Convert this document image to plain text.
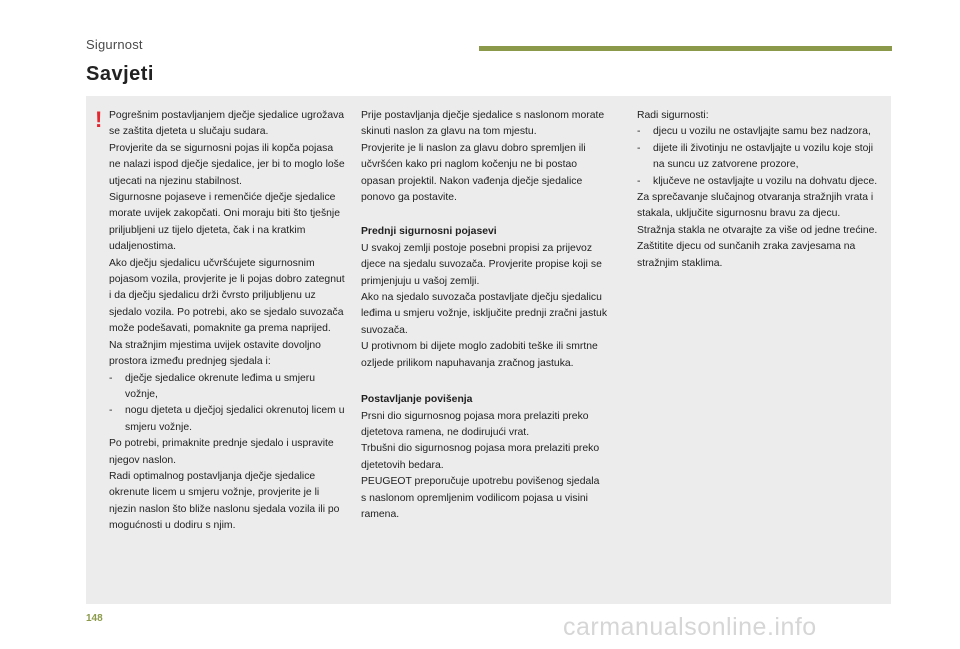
Sigurnost
Savjeti
! Pogrešnim postavljanjem dječje sjedalice ugrožava se zaštita djeteta u slučaju sudara.

Provjerite da se sigurnosni pojas ili kopča pojasa ne nalazi ispod dječje sjedalice, jer bi to moglo loše utjecati na njezinu stabilnost.

Sigurnosne pojaseve i remenčiće dječje sjedalice morate uvijek zakopčati. Oni moraju biti što tješnje priljubljeni uz tijelo djeteta, čak i na kratkim udaljenostima.

Ako dječju sjedalicu učvršćujete sigurnosnim pojasom vozila, provjerite je li pojas dobro zategnut i da dječju sjedalicu drži čvrsto priljubljenu uz sjedalo vozila. Po potrebi, ako se sjedalo suvozača može podešavati, pomaknite ga prema naprijed.

Na stražnjim mjestima uvijek ostavite dovoljno prostora između prednjeg sjedala i:

-	dječje sjedalice okrenute leđima u smjeru vožnje,
-	nogu djeteta u dječjoj sjedalici okrenutoj licem u smjeru vožnje.

Po potrebi, primaknite prednje sjedalo i uspravite njegov naslon.

Radi optimalnog postavljanja dječje sjedalice okrenute licem u smjeru vožnje, provjerite je li njezin naslon što bliže naslonu sjedala vozila ili po mogućnosti u dodiru s njim.

Prije postavljanja dječje sjedalice s naslonom morate skinuti naslon za glavu na tom mjestu.

Provjerite je li naslon za glavu dobro spremljen ili učvršćen kako pri naglom kočenju ne bi postao opasan projektil. Nakon vađenja dječje sjedalice ponovo ga postavite.

Prednji sigurnosni pojasevi

U svakoj zemlji postoje posebni propisi za prijevoz djece na sjedalu suvozača. Provjerite propise koji se primjenjuju u vašoj zemlji.

Ako na sjedalo suvozača postavljate dječju sjedalicu leđima u smjeru vožnje, isključite prednji zračni jastuk suvozača.

U protivnom bi dijete moglo zadobiti teške ili smrtne ozljede prilikom napuhavanja zračnog jastuka.

Postavljanje povišenja

Prsni dio sigurnosnog pojasa mora prelaziti preko djetetova ramena, ne dodirujući vrat.

Trbušni dio sigurnosnog pojasa mora prelaziti preko djetetovih bedara.

PEUGEOT preporučuje upotrebu povišenog sjedala s naslonom opremljenim vodilicom pojasa u visini ramena.

Radi sigurnosti:

-	djecu u vozilu ne ostavljajte samu bez nadzora,
-	dijete ili životinju ne ostavljajte u vozilu koje stoji na suncu uz zatvorene prozore,
-	ključeve ne ostavljajte u vozilu na dohvatu djece.

Za sprečavanje slučajnog otvaranja stražnjih vrata i stakala, uključite sigurnosnu bravu za djecu.

Stražnja stakla ne otvarajte za više od jedne trećine.

Zaštitite djecu od sunčanih zraka zavjesama na stražnjim staklima.

148	carmanualsonline.info
